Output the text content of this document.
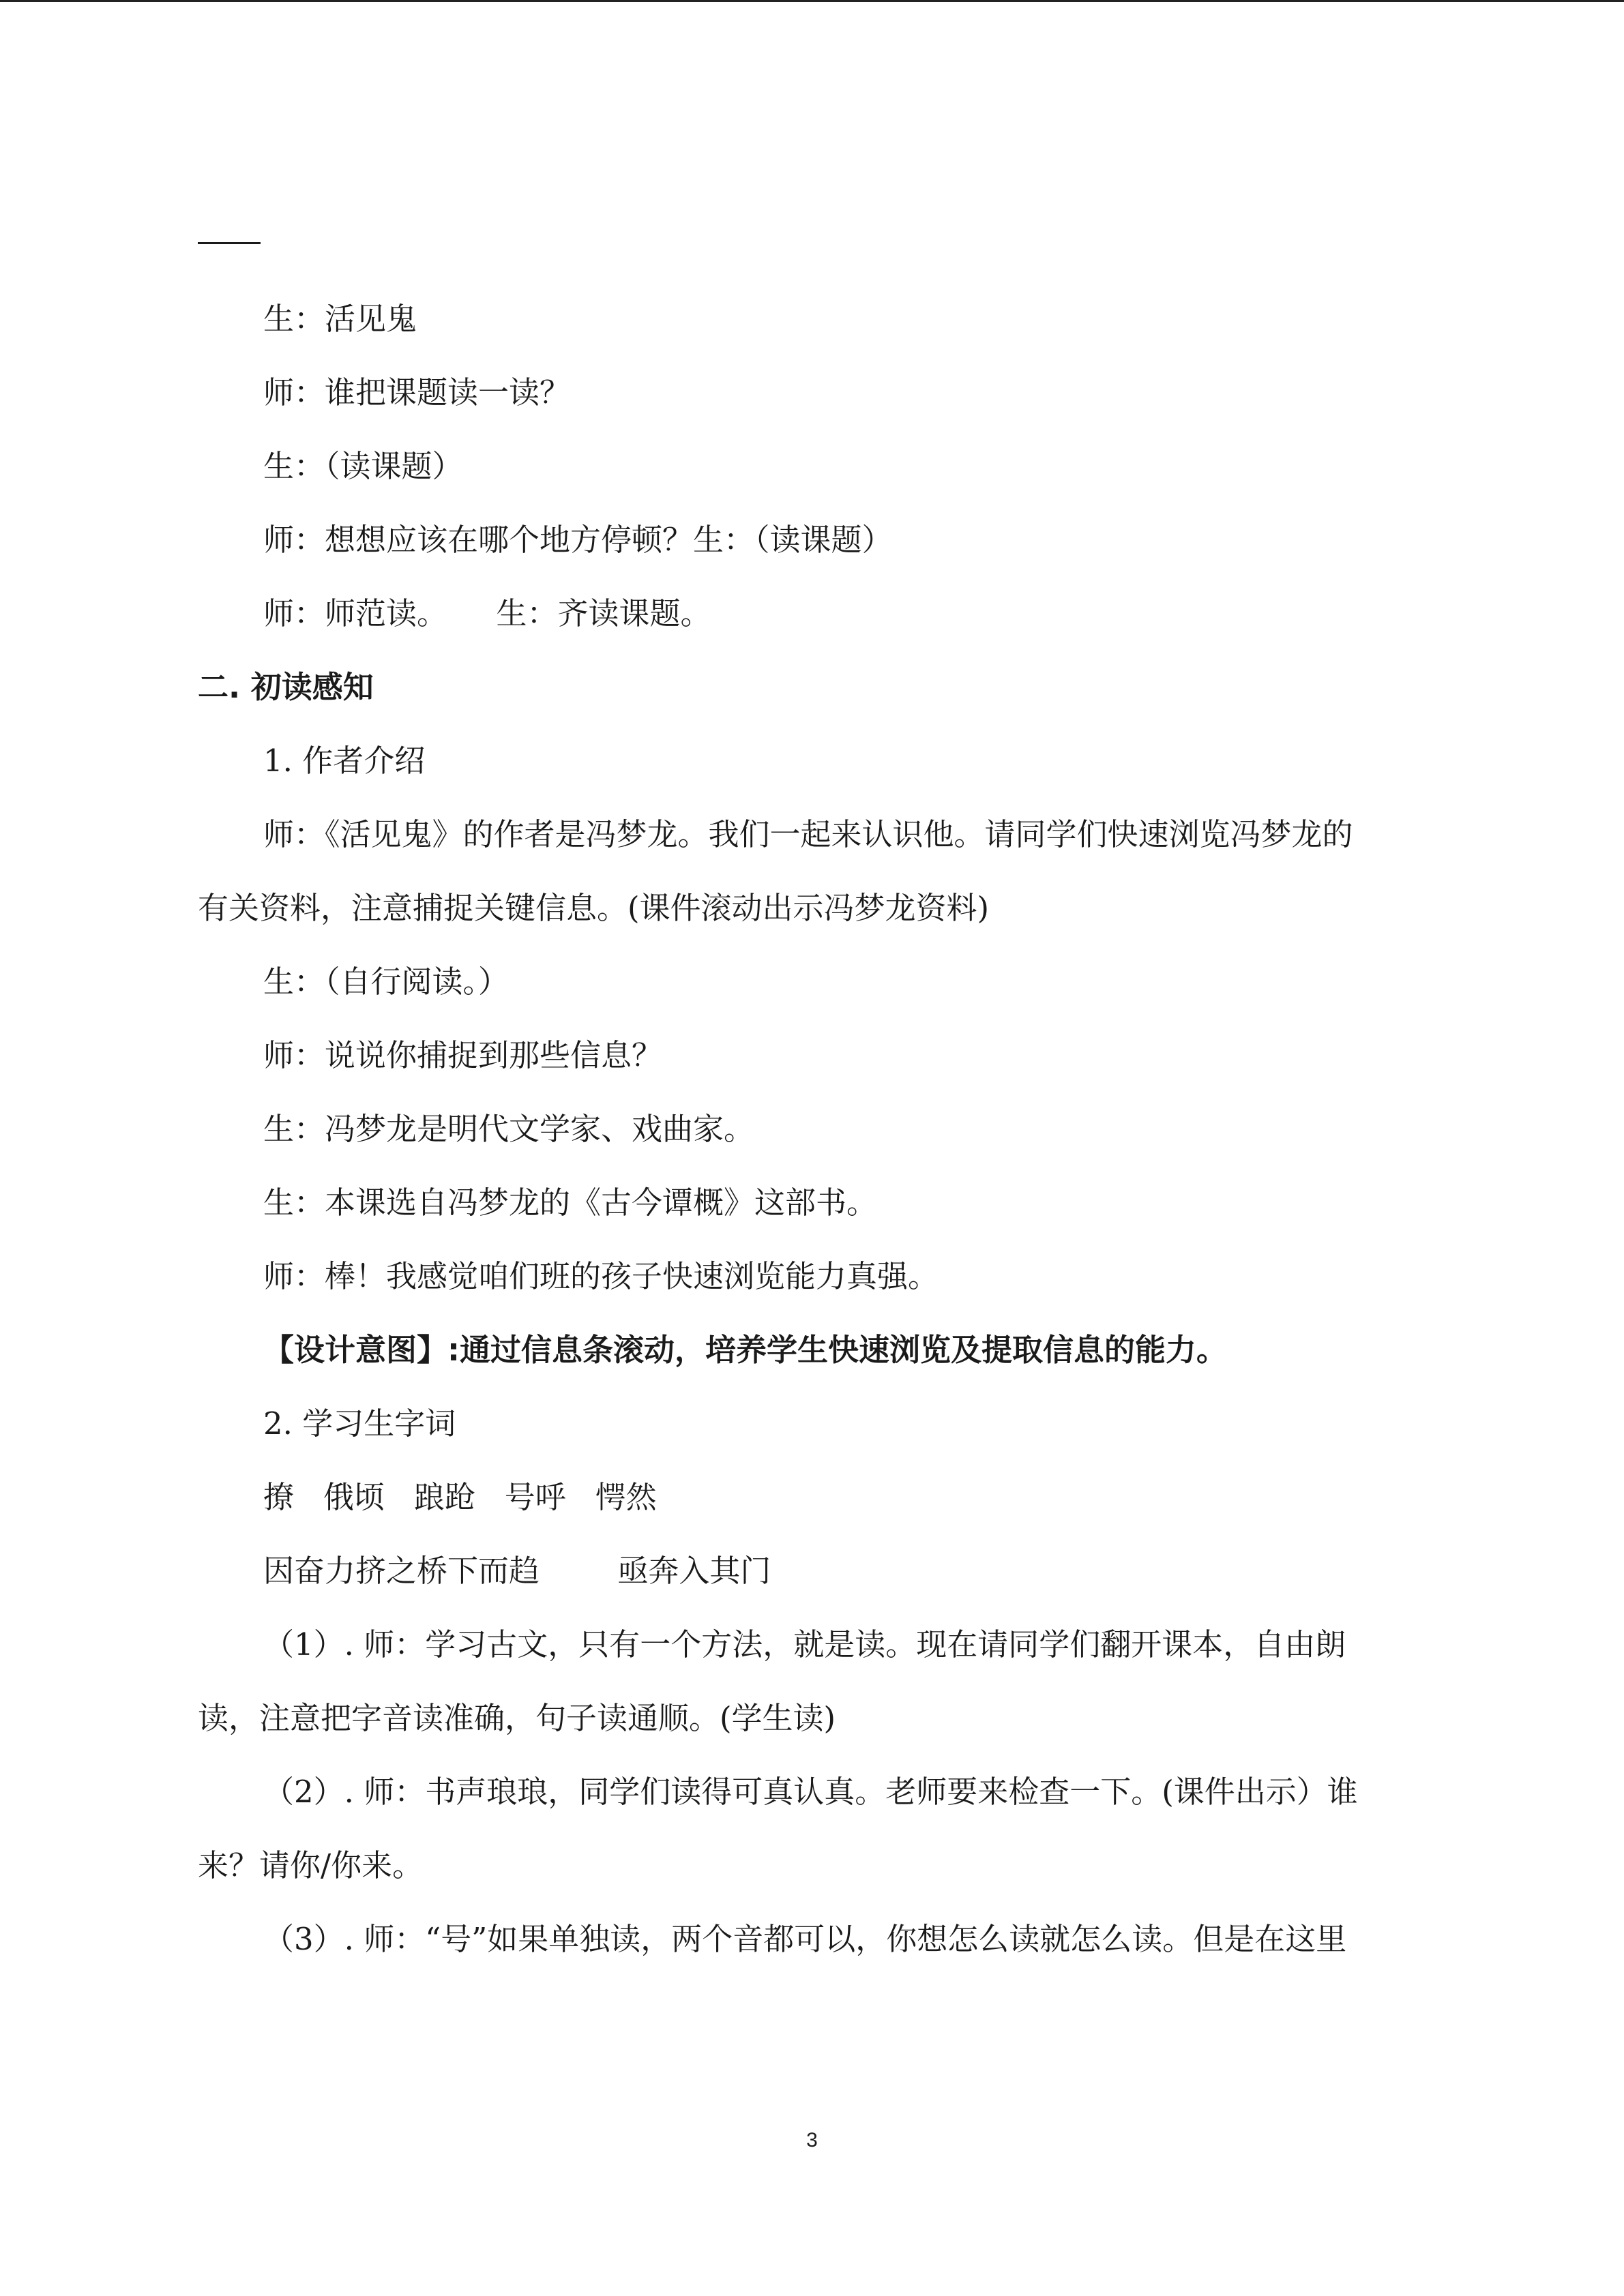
生：活见鬼
师：谁把课题读一读？
生：（读课题）
师：想想应该在哪个地方停顿？生：（读课题）
师：师范读。     生：齐读课题。
二. 初读感知
1. 作者介绍
师：《活见鬼》的作者是冯梦龙。我们一起来认识他。请同学们快速浏览冯梦龙的
有关资料，注意捕捉关键信息。(课件滚动出示冯梦龙资料)
生：（自行阅读。）
师：说说你捕捉到那些信息？
生：冯梦龙是明代文学家、戏曲家。
生：本课选自冯梦龙的《古今谭概》这部书。
师：棒！我感觉咱们班的孩子快速浏览能力真强。
【设计意图】:通过信息条滚动，培养学生快速浏览及提取信息的能力。
2. 学习生字词
撩   俄顷   踉跄   号呼   愕然
因奋力挤之桥下而趋        亟奔入其门
（1）. 师：学习古文，只有一个方法，就是读。现在请同学们翻开课本，自由朗
读，注意把字音读准确，句子读通顺。(学生读)
（2）. 师：书声琅琅，同学们读得可真认真。老师要来检查一下。(课件出示）谁
来？请你/你来。
（3）. 师：“号”如果单独读，两个音都可以，你想怎么读就怎么读。但是在这里
3
